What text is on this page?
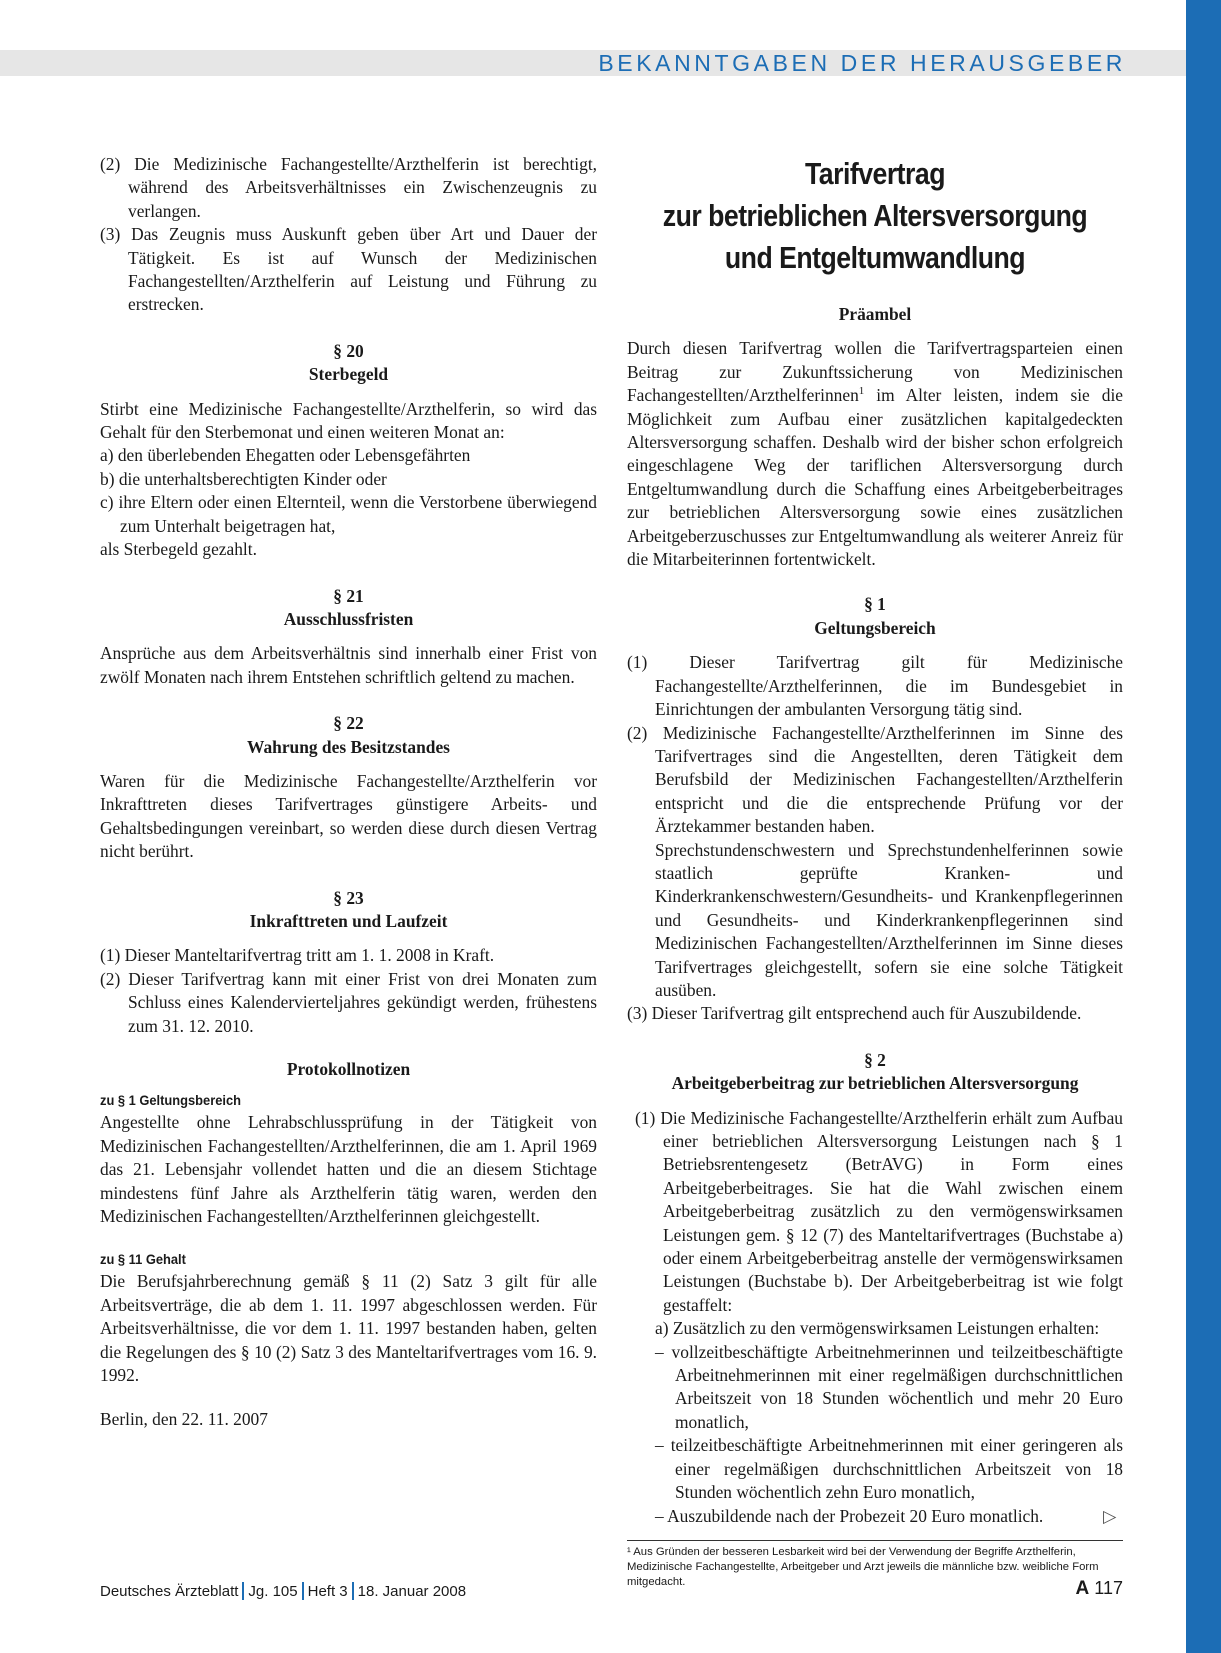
BEKANNTGABEN DER HERAUSGEBER

(2) Die Medizinische Fachangestellte/Arzthelferin ist berechtigt, während des Arbeitsverhältnisses ein Zwischenzeugnis zu verlangen.

(3) Das Zeugnis muss Auskunft geben über Art und Dauer der Tätigkeit. Es ist auf Wunsch der Medizinischen Fachangestellten/Arzthelferin auf Leistung und Führung zu erstrecken.

§ 20

Sterbegeld

Stirbt eine Medizinische Fachangestellte/Arzthelferin, so wird das Gehalt für den Sterbemonat und einen weiteren Monat an:

a) den überlebenden Ehegatten oder Lebensgefährten

b) die unterhaltsberechtigten Kinder oder

c) ihre Eltern oder einen Elternteil, wenn die Verstorbene überwiegend zum Unterhalt beigetragen hat,

als Sterbegeld gezahlt.

§ 21

Ausschlussfristen

Ansprüche aus dem Arbeitsverhältnis sind innerhalb einer Frist von zwölf Monaten nach ihrem Entstehen schriftlich geltend zu machen.

§ 22

Wahrung des Besitzstandes

Waren für die Medizinische Fachangestellte/Arzthelferin vor Inkrafttreten dieses Tarifvertrages günstigere Arbeits- und Gehaltsbedingungen vereinbart, so werden diese durch diesen Vertrag nicht berührt.

§ 23

Inkrafttreten und Laufzeit

(1) Dieser Manteltarifvertrag tritt am 1. 1. 2008 in Kraft.

(2) Dieser Tarifvertrag kann mit einer Frist von drei Monaten zum Schluss eines Kalendervierteljahres gekündigt werden, frühestens zum 31. 12. 2010.

Protokollnotizen

zu § 1 Geltungsbereich

Angestellte ohne Lehrabschlussprüfung in der Tätigkeit von Medizinischen Fachangestellten/Arzthelferinnen, die am 1. April 1969 das 21. Lebensjahr vollendet hatten und die an diesem Stichtage mindestens fünf Jahre als Arzthelferin tätig waren, werden den Medizinischen Fachangestellten/Arzthelferinnen gleichgestellt.

zu § 11 Gehalt

Die Berufsjahrberechnung gemäß § 11 (2) Satz 3 gilt für alle Arbeitsverträge, die ab dem 1. 11. 1997 abgeschlossen werden. Für Arbeitsverhältnisse, die vor dem 1. 11. 1997 bestanden haben, gelten die Regelungen des § 10 (2) Satz 3 des Manteltarifvertrages vom 16. 9. 1992.

Berlin, den 22. 11. 2007

Tarifvertrag
zur betrieblichen Altersversorgung
und Entgeltumwandlung

Präambel

Durch diesen Tarifvertrag wollen die Tarifvertragsparteien einen Beitrag zur Zukunftssicherung von Medizinischen Fachangestellten/Arzthelferinnen$^1$ im Alter leisten, indem sie die Möglichkeit zum Aufbau einer zusätzlichen kapitalgedeckten Altersversorgung schaffen. Deshalb wird der bisher schon erfolgreich eingeschlagene Weg der tariflichen Altersversorgung durch Entgeltumwandlung durch die Schaffung eines Arbeitgeberbeitrages zur betrieblichen Altersversorgung sowie eines zusätzlichen Arbeitgeberzuschusses zur Entgeltumwandlung als weiterer Anreiz für die Mitarbeiterinnen fortentwickelt.

§ 1

Geltungsbereich

(1) Dieser Tarifvertrag gilt für Medizinische Fachangestellte/Arzthelferinnen, die im Bundesgebiet in Einrichtungen der ambulanten Versorgung tätig sind.

(2) Medizinische Fachangestellte/Arzthelferinnen im Sinne des Tarifvertrages sind die Angestellten, deren Tätigkeit dem Berufsbild der Medizinischen Fachangestellten/Arzthelferin entspricht und die die entsprechende Prüfung vor der Ärztekammer bestanden haben.

Sprechstundenschwestern und Sprechstundenhelferinnen sowie staatlich geprüfte Kranken- und Kinderkrankenschwestern/Gesundheits- und Krankenpflegerinnen und Gesundheits- und Kinderkrankenpflegerinnen sind Medizinischen Fachangestellten/Arzthelferinnen im Sinne dieses Tarifvertrages gleichgestellt, sofern sie eine solche Tätigkeit ausüben.

(3) Dieser Tarifvertrag gilt entsprechend auch für Auszubildende.

§ 2

Arbeitgeberbeitrag zur betrieblichen Altersversorgung

(1) Die Medizinische Fachangestellte/Arzthelferin erhält zum Aufbau einer betrieblichen Altersversorgung Leistungen nach § 1 Betriebsrentengesetz (BetrAVG) in Form eines Arbeitgeberbeitrages. Sie hat die Wahl zwischen einem Arbeitgeberbeitrag zusätzlich zu den vermögenswirksamen Leistungen gem. § 12 (7) des Manteltarifvertrages (Buchstabe a) oder einem Arbeitgeberbeitrag anstelle der vermögenswirksamen Leistungen (Buchstabe b). Der Arbeitgeberbeitrag ist wie folgt gestaffelt:

a) Zusätzlich zu den vermögenswirksamen Leistungen erhalten:

– vollzeitbeschäftigte Arbeitnehmerinnen und teilzeitbeschäftigte Arbeitnehmerinnen mit einer regelmäßigen durchschnittlichen Arbeitszeit von 18 Stunden wöchentlich und mehr 20 Euro monatlich,

– teilzeitbeschäftigte Arbeitnehmerinnen mit einer geringeren als einer regelmäßigen durchschnittlichen Arbeitszeit von 18 Stunden wöchentlich zehn Euro monatlich,

– Auszubildende nach der Probezeit 20 Euro monatlich.	▷

¹ Aus Gründen der besseren Lesbarkeit wird bei der Verwendung der Begriffe Arzthelferin, Medizinische Fachangestellte, Arbeitgeber und Arzt jeweils die männliche bzw. weibliche Form mitgedacht.
Deutsches Ärzteblatt Jg. 105 Heft 3 18. Januar 2008	A 117
